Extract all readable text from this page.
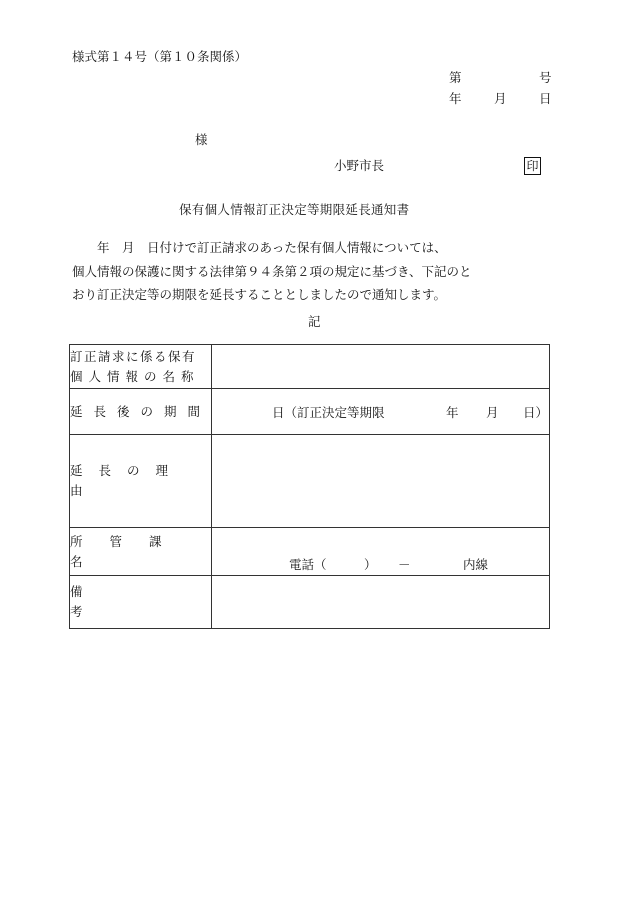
様式第１４号（第１０条関係）
第	号
年	月	日
様
小野市長	印
保有個人情報訂正決定等期限延長通知書
　　年　月　日付けで訂正請求のあった保有個人情報については、
個人情報の保護に関する法律第９４条第２項の規定に基づき、下記のと
おり訂正決定等の期限を延長することとしましたので通知します。
記
訂正請求に係る保有
個人情報の名称	

延長後の期間	日（訂正決定等期限 年 月 日）

延長の理由	

所管課名	電話（ ） － 内線

備考	
